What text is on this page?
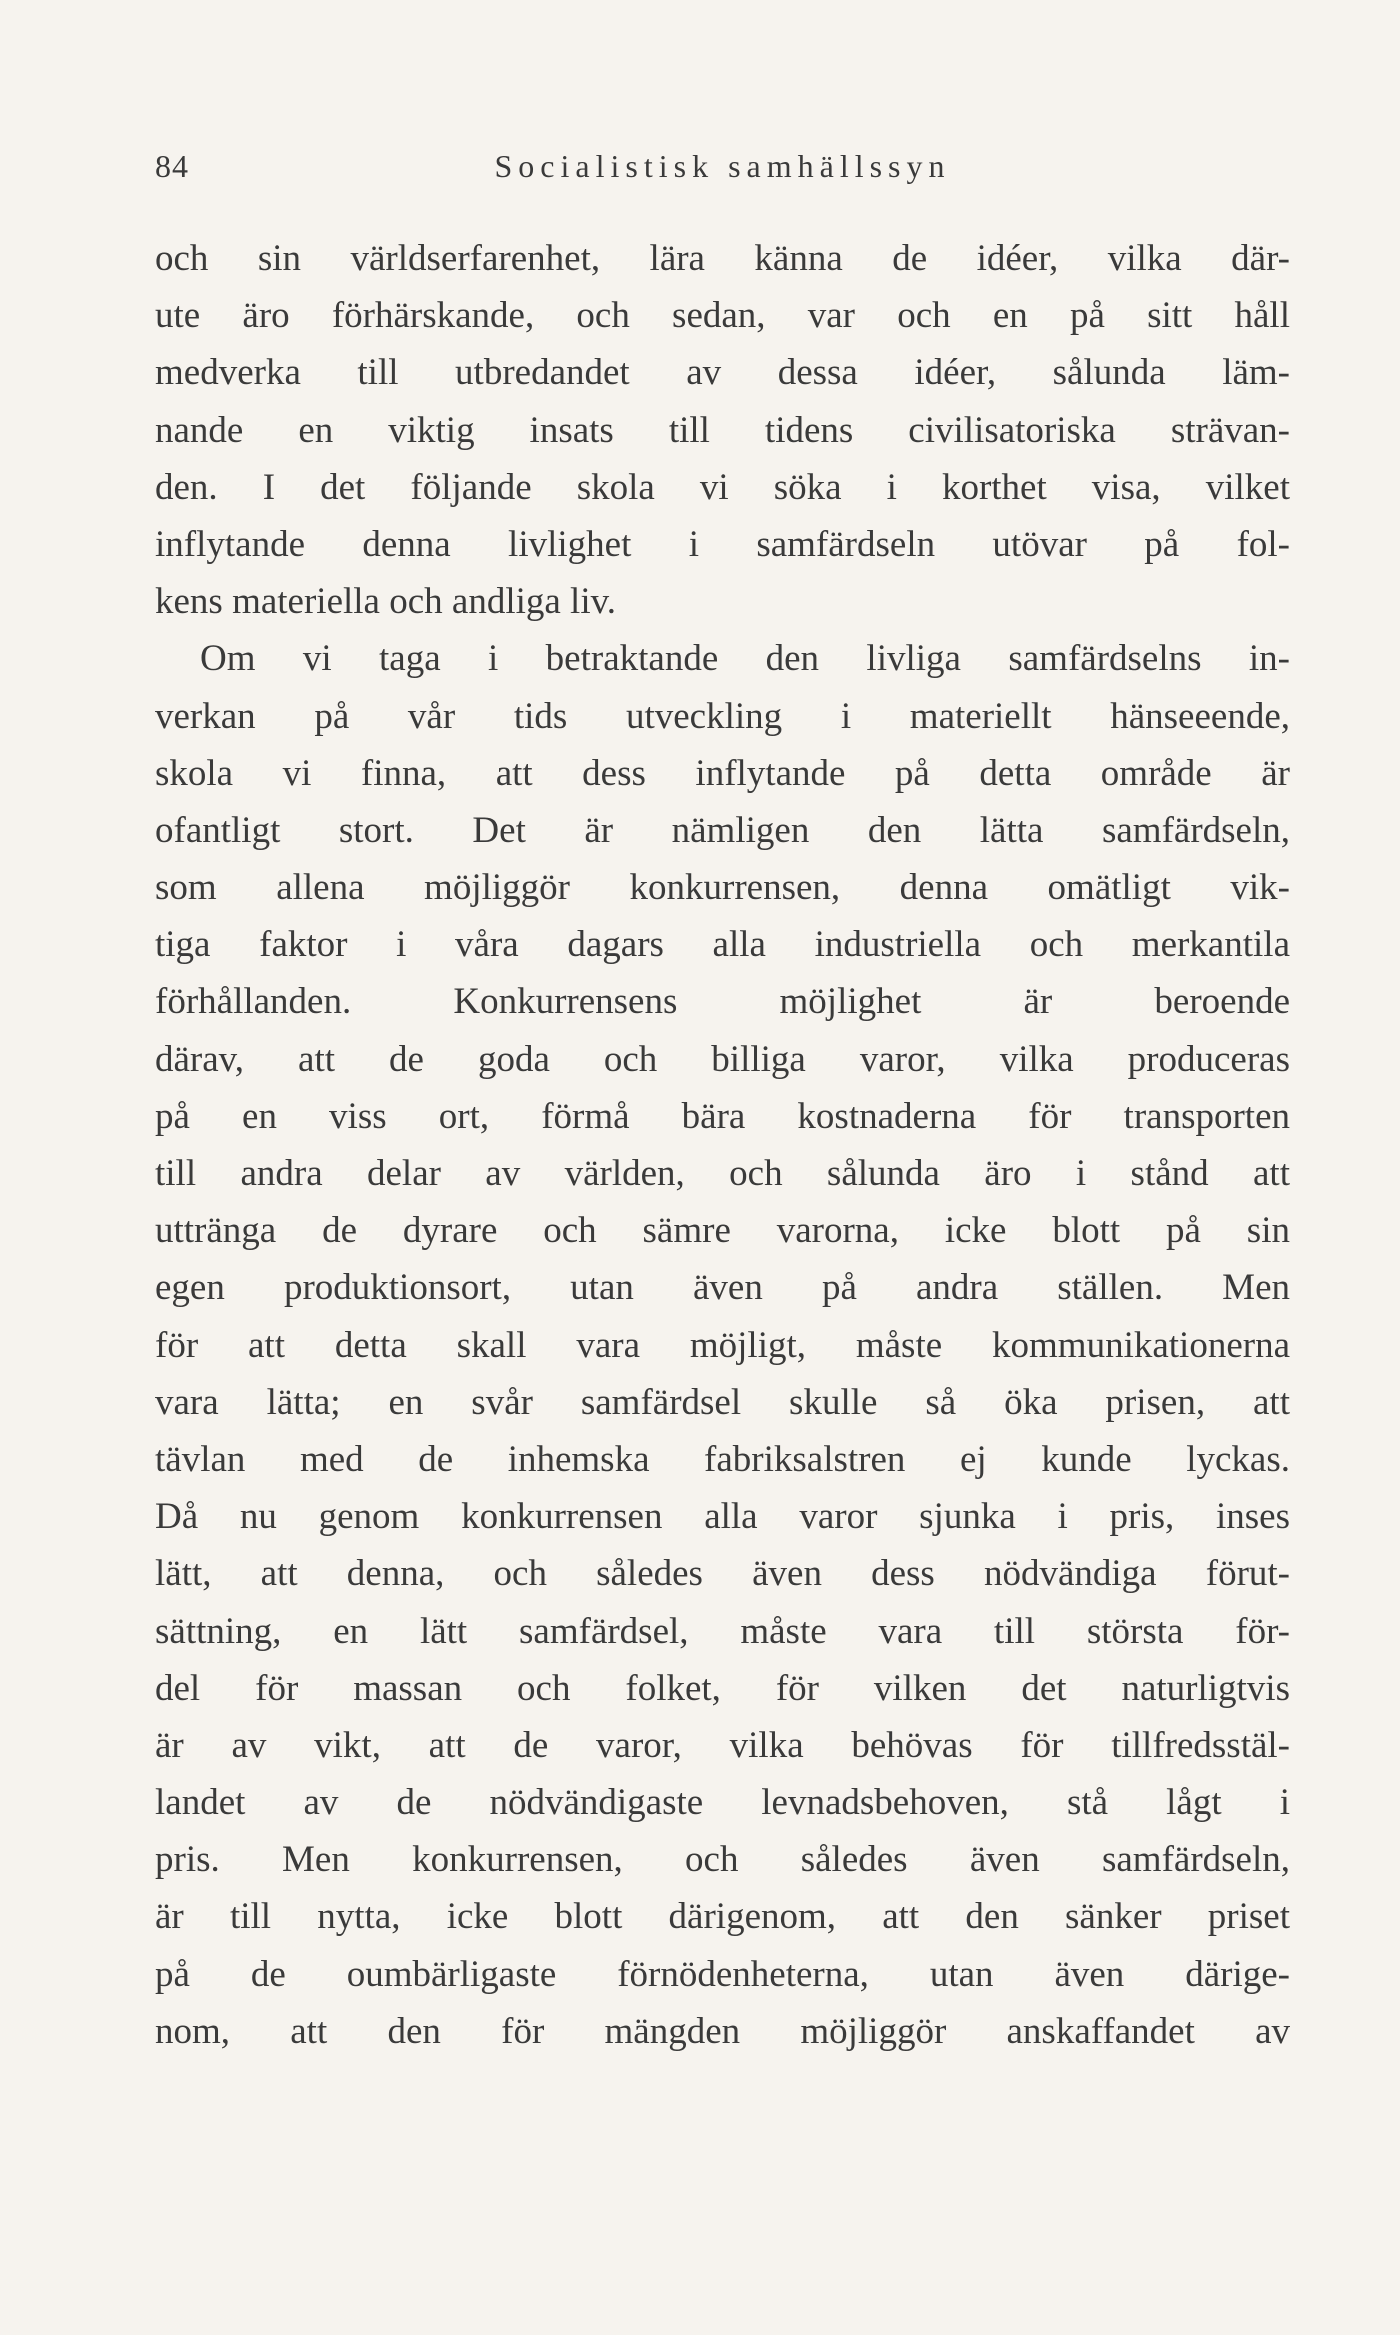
84	Socialistisk samhällssyn
och sin världserfarenhet, lära känna de idéer, vilka där-
ute äro förhärskande, och sedan, var och en på sitt håll
medverka till utbredandet av dessa idéer, sålunda läm-
nande en viktig insats till tidens civilisatoriska strävan-
den. I det följande skola vi söka i korthet visa, vilket
inflytande denna livlighet i samfärdseln utövar på fol-
kens materiella och andliga liv.
Om vi taga i betraktande den livliga samfärdselns in-
verkan på vår tids utveckling i materiellt hänseeende,
skola vi finna, att dess inflytande på detta område är
ofantligt stort. Det är nämligen den lätta samfärdseln,
som allena möjliggör konkurrensen, denna omätligt vik-
tiga faktor i våra dagars alla industriella och merkantila
förhållanden. Konkurrensens möjlighet är beroende
därav, att de goda och billiga varor, vilka produceras
på en viss ort, förmå bära kostnaderna för transporten
till andra delar av världen, och sålunda äro i stånd att
uttränga de dyrare och sämre varorna, icke blott på sin
egen produktionsort, utan även på andra ställen. Men
för att detta skall vara möjligt, måste kommunikationerna
vara lätta; en svår samfärdsel skulle så öka prisen, att
tävlan med de inhemska fabriksalstren ej kunde lyckas.
Då nu genom konkurrensen alla varor sjunka i pris, inses
lätt, att denna, och således även dess nödvändiga förut-
sättning, en lätt samfärdsel, måste vara till största för-
del för massan och folket, för vilken det naturligtvis
är av vikt, att de varor, vilka behövas för tillfredsstäl-
landet av de nödvändigaste levnadsbehoven, stå lågt i
pris. Men konkurrensen, och således även samfärdseln,
är till nytta, icke blott därigenom, att den sänker priset
på de oumbärligaste förnödenheterna, utan även därige-
nom, att den för mängden möjliggör anskaffandet av
